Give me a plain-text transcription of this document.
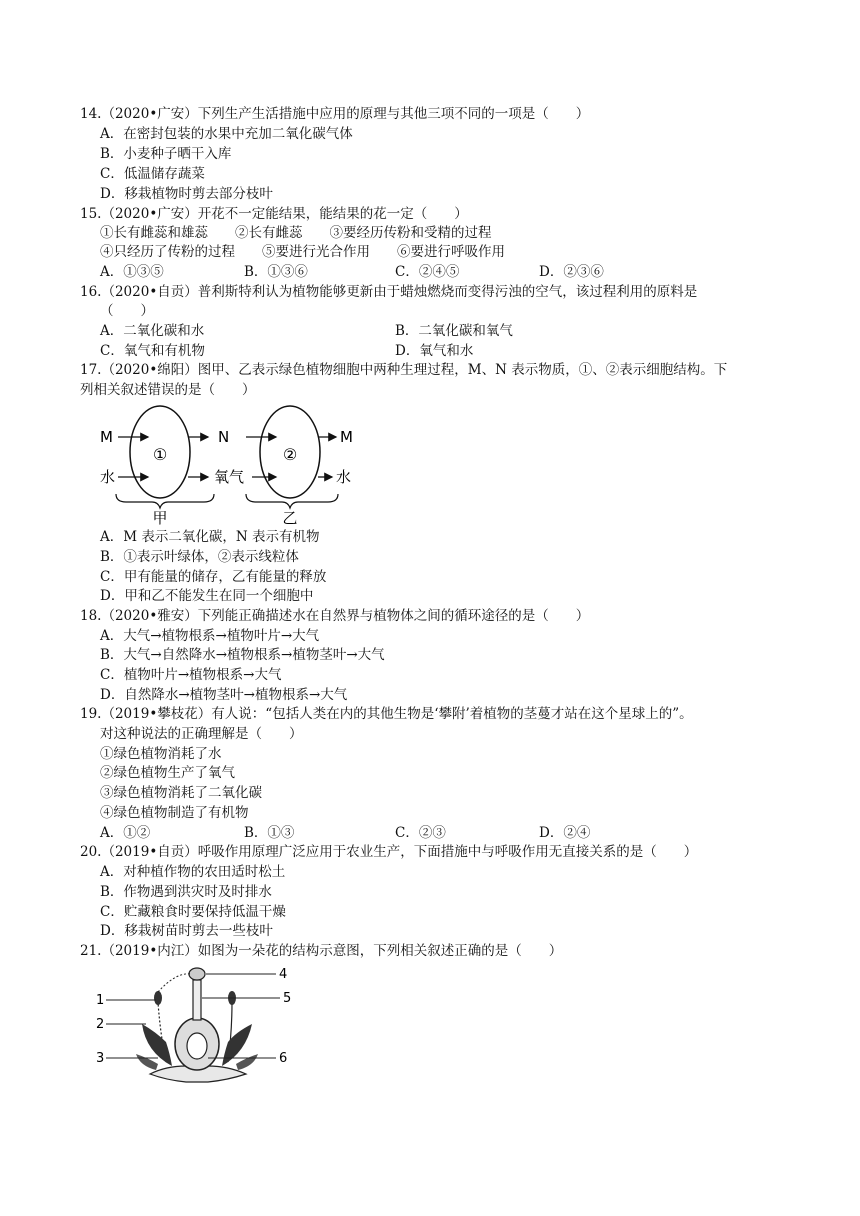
14.（2020•广安）下列生产生活措施中应用的原理与其他三项不同的一项是（　　）
A．在密封包装的水果中充加二氧化碳气体
B．小麦种子晒干入库
C．低温储存蔬菜
D．移栽植物时剪去部分枝叶
15.（2020•广安）开花不一定能结果，能结果的花一定（　　）
①长有雌蕊和雄蕊　　②长有雌蕊　　③要经历传粉和受精的过程
④只经历了传粉的过程　　⑤要进行光合作用　　⑥要进行呼吸作用
A．①③⑤	B．①③⑥	C．②④⑤	D．②③⑥
16.（2020•自贡）普利斯特利认为植物能够更新由于蜡烛燃烧而变得污浊的空气，该过程利用的原料是
（　　）
A．二氧化碳和水	B．二氧化碳和氧气
C．氧气和有机物	D．氧气和水
17.（2020•绵阳）图甲、乙表示绿色植物细胞中两种生理过程，M、N 表示物质，①、②表示细胞结构。下
列相关叙述错误的是（　　）
①
M
水
N
氧气
②
M
水
甲	乙
A．M 表示二氧化碳，N 表示有机物
B．①表示叶绿体，②表示线粒体
C．甲有能量的储存，乙有能量的释放
D．甲和乙不能发生在同一个细胞中
18.（2020•雅安）下列能正确描述水在自然界与植物体之间的循环途径的是（　　）
A．大气→植物根系→植物叶片→大气
B．大气→自然降水→植物根系→植物茎叶→大气
C．植物叶片→植物根系→大气
D．自然降水→植物茎叶→植物根系→大气
19.（2019•攀枝花）有人说：“包括人类在内的其他生物是‘攀附’着植物的茎蔓才站在这个星球上的”。
对这种说法的正确理解是（　　）
①绿色植物消耗了水
②绿色植物生产了氧气
③绿色植物消耗了二氧化碳
④绿色植物制造了有机物
A．①②	B．①③	C．②③	D．②④
20.（2019•自贡）呼吸作用原理广泛应用于农业生产，下面措施中与呼吸作用无直接关系的是（　　）
A．对种植作物的农田适时松土
B．作物遇到洪灾时及时排水
C．贮藏粮食时要保持低温干燥
D．移栽树苗时剪去一些枝叶
21.（2019•内江）如图为一朵花的结构示意图，下列相关叙述正确的是（　　）
1
2
3
4
5
6
